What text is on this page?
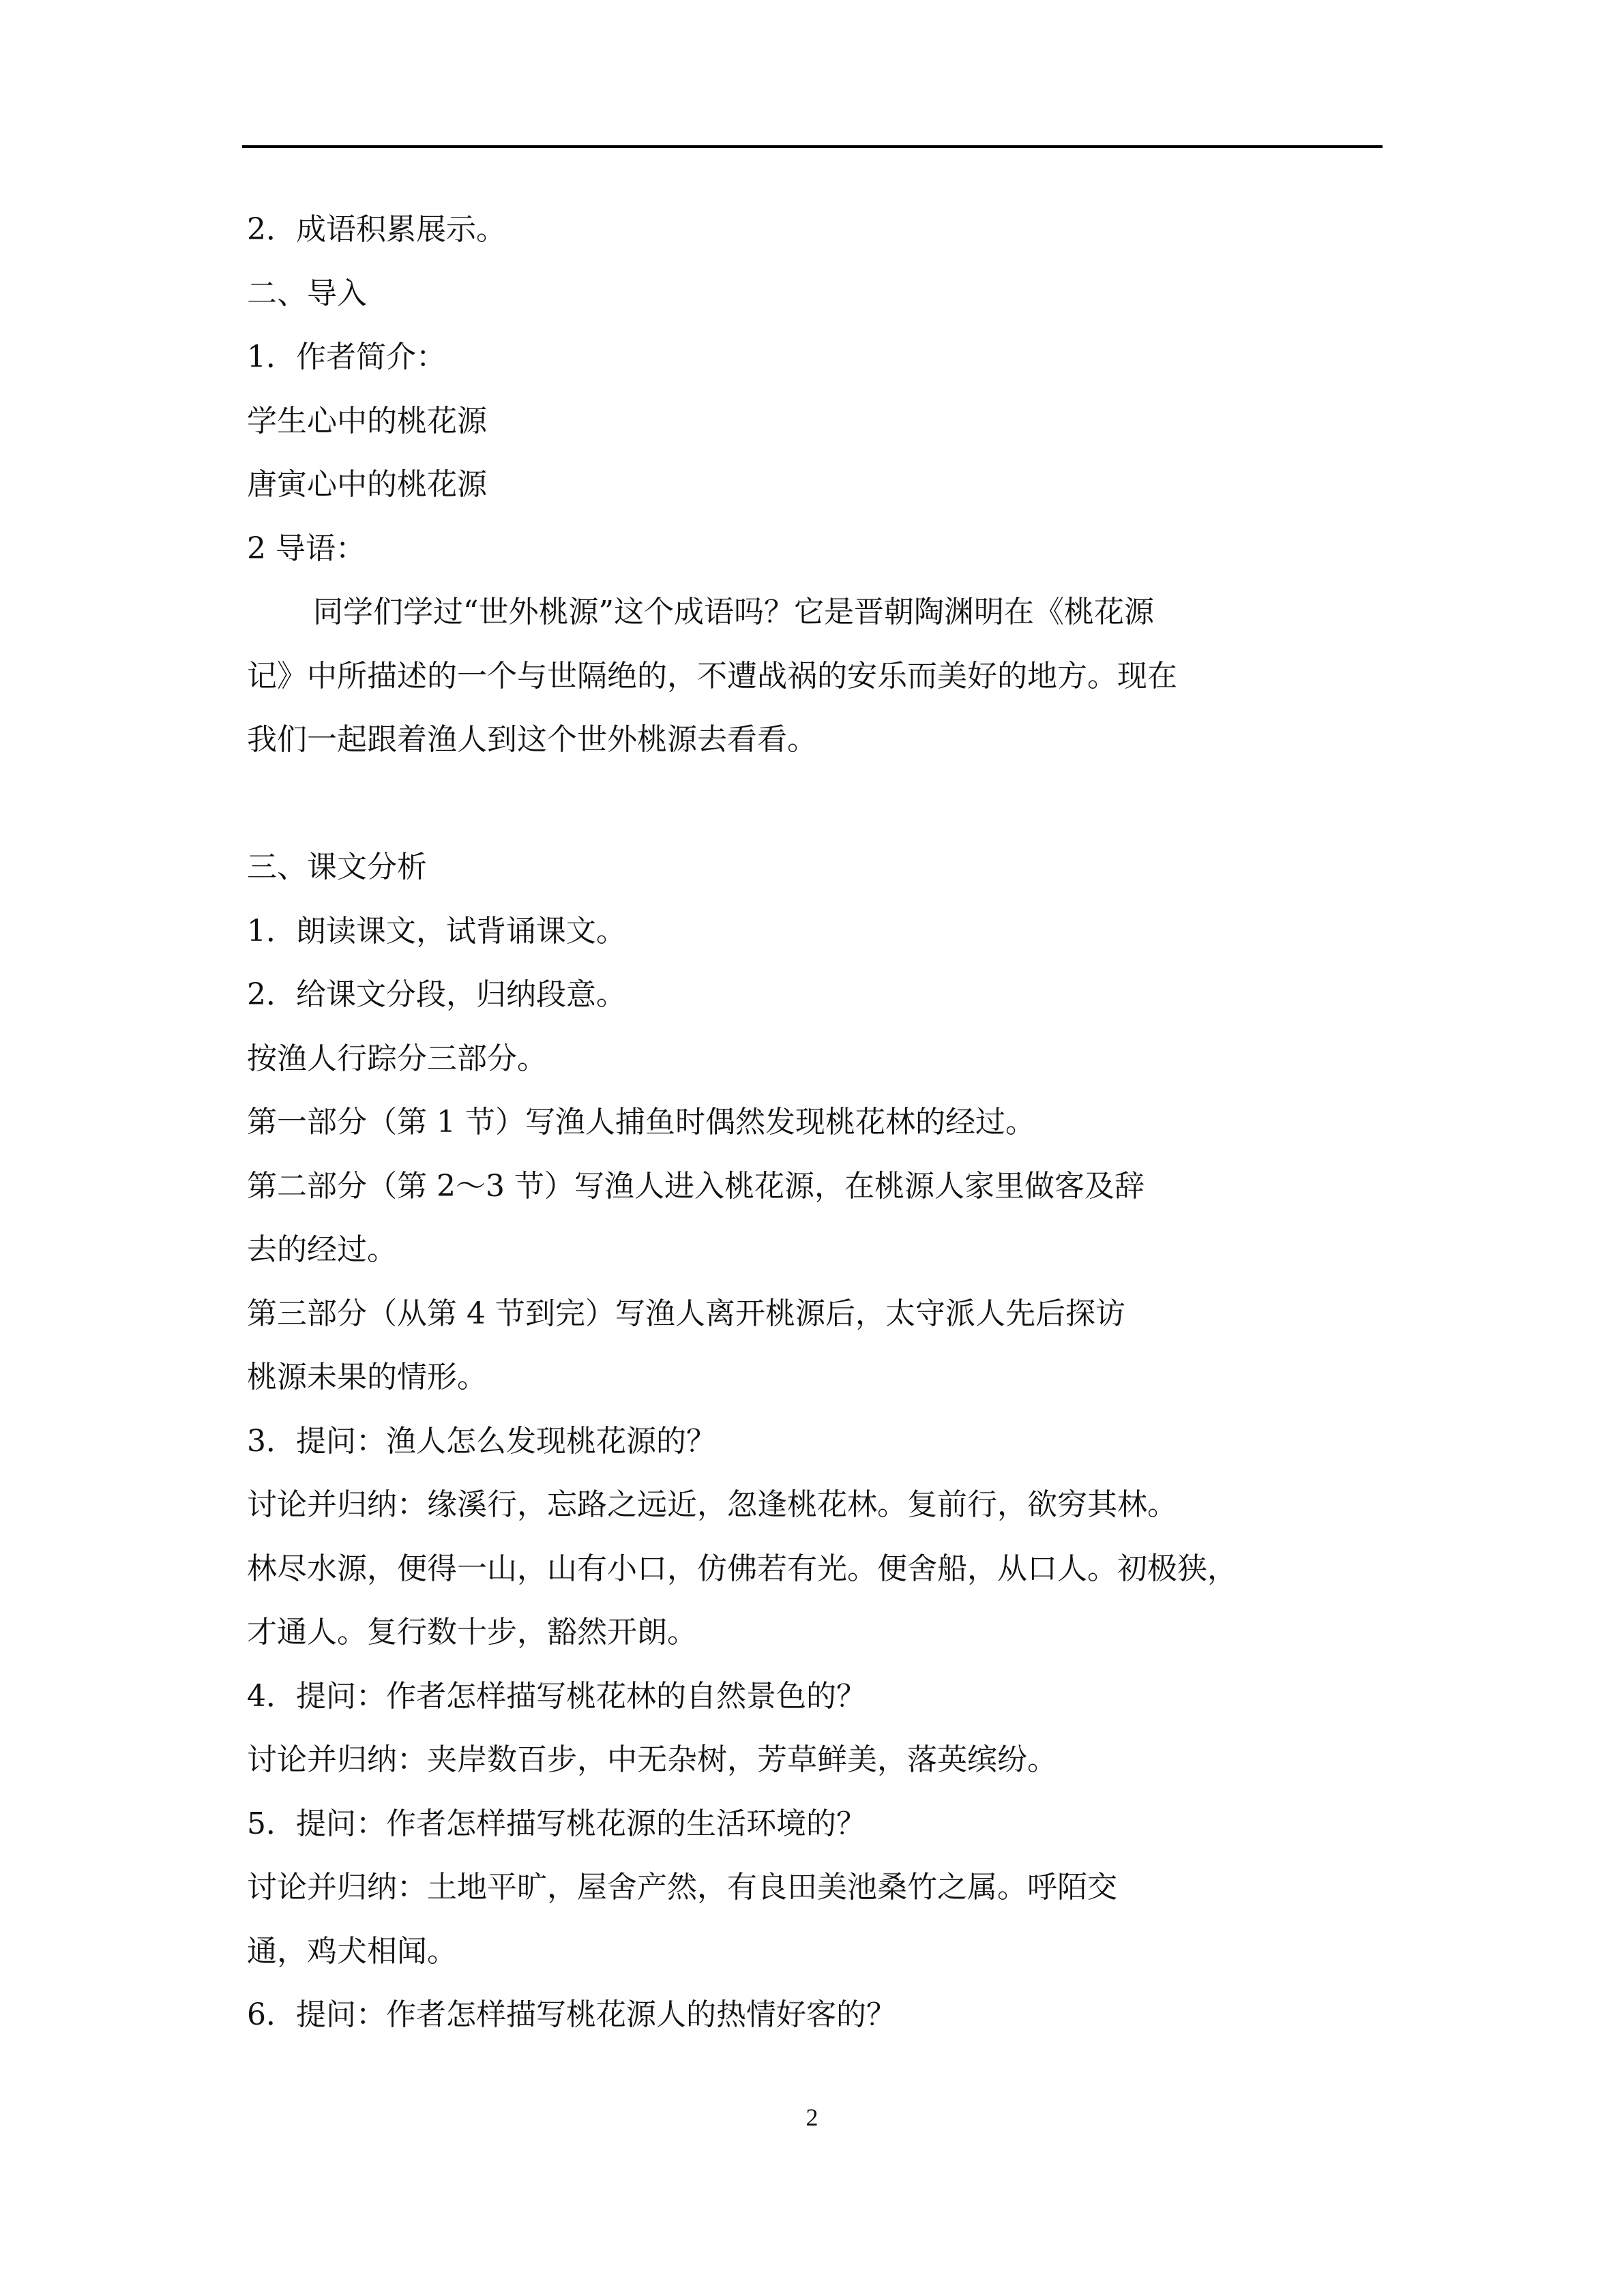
2．成语积累展示。
二、导入
1．作者简介：
学生心中的桃花源
唐寅心中的桃花源
2 导语：
同学们学过“世外桃源”这个成语吗？它是晋朝陶渊明在《桃花源
记》中所描述的一个与世隔绝的，不遭战祸的安乐而美好的地方。现在
我们一起跟着渔人到这个世外桃源去看看。
三、课文分析
1．朗读课文，试背诵课文。
2．给课文分段，归纳段意。
按渔人行踪分三部分。
第一部分（第 1 节）写渔人捕鱼时偶然发现桃花林的经过。
第二部分（第 2～3 节）写渔人进入桃花源，在桃源人家里做客及辞
去的经过。
第三部分（从第 4 节到完）写渔人离开桃源后，太守派人先后探访
桃源未果的情形。
3．提问：渔人怎么发现桃花源的？
讨论并归纳：缘溪行，忘路之远近，忽逢桃花林。复前行，欲穷其林。
林尽水源，便得一山，山有小口，仿佛若有光。便舍船，从口人。初极狭，
才通人。复行数十步，豁然开朗。
4．提问：作者怎样描写桃花林的自然景色的？
讨论并归纳：夹岸数百步，中无杂树，芳草鲜美，落英缤纷。
5．提问：作者怎样描写桃花源的生活环境的？
讨论并归纳：土地平旷，屋舍产然，有良田美池桑竹之属。呼陌交
通，鸡犬相闻。
6．提问：作者怎样描写桃花源人的热情好客的？
2
